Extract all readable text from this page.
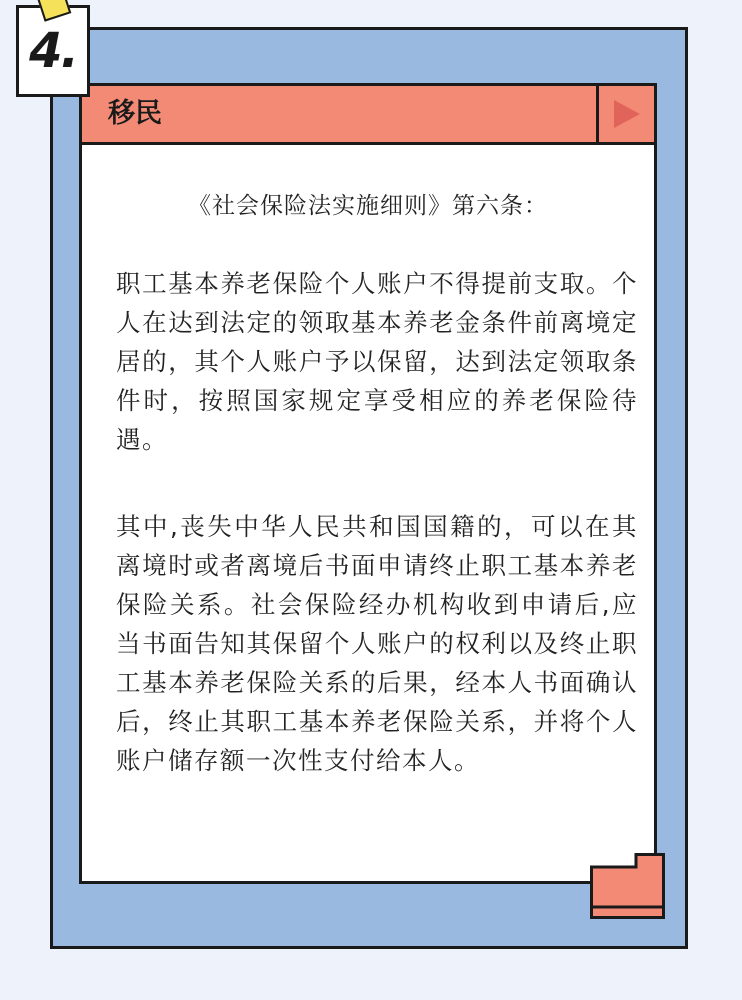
4.
移民
《社会保险法实施细则》第六条：

职工基本养老保险个人账户不得提前支取。个人在达到法定的领取基本养老金条件前离境定居的，其个人账户予以保留，达到法定领取条件时，按照国家规定享受相应的养老保险待遇。

其中,丧失中华人民共和国国籍的，可以在其离境时或者离境后书面申请终止职工基本养老保险关系。社会保险经办机构收到申请后,应当书面告知其保留个人账户的权利以及终止职工基本养老保险关系的后果，经本人书面确认后，终止其职工基本养老保险关系，并将个人账户储存额一次性支付给本人。
